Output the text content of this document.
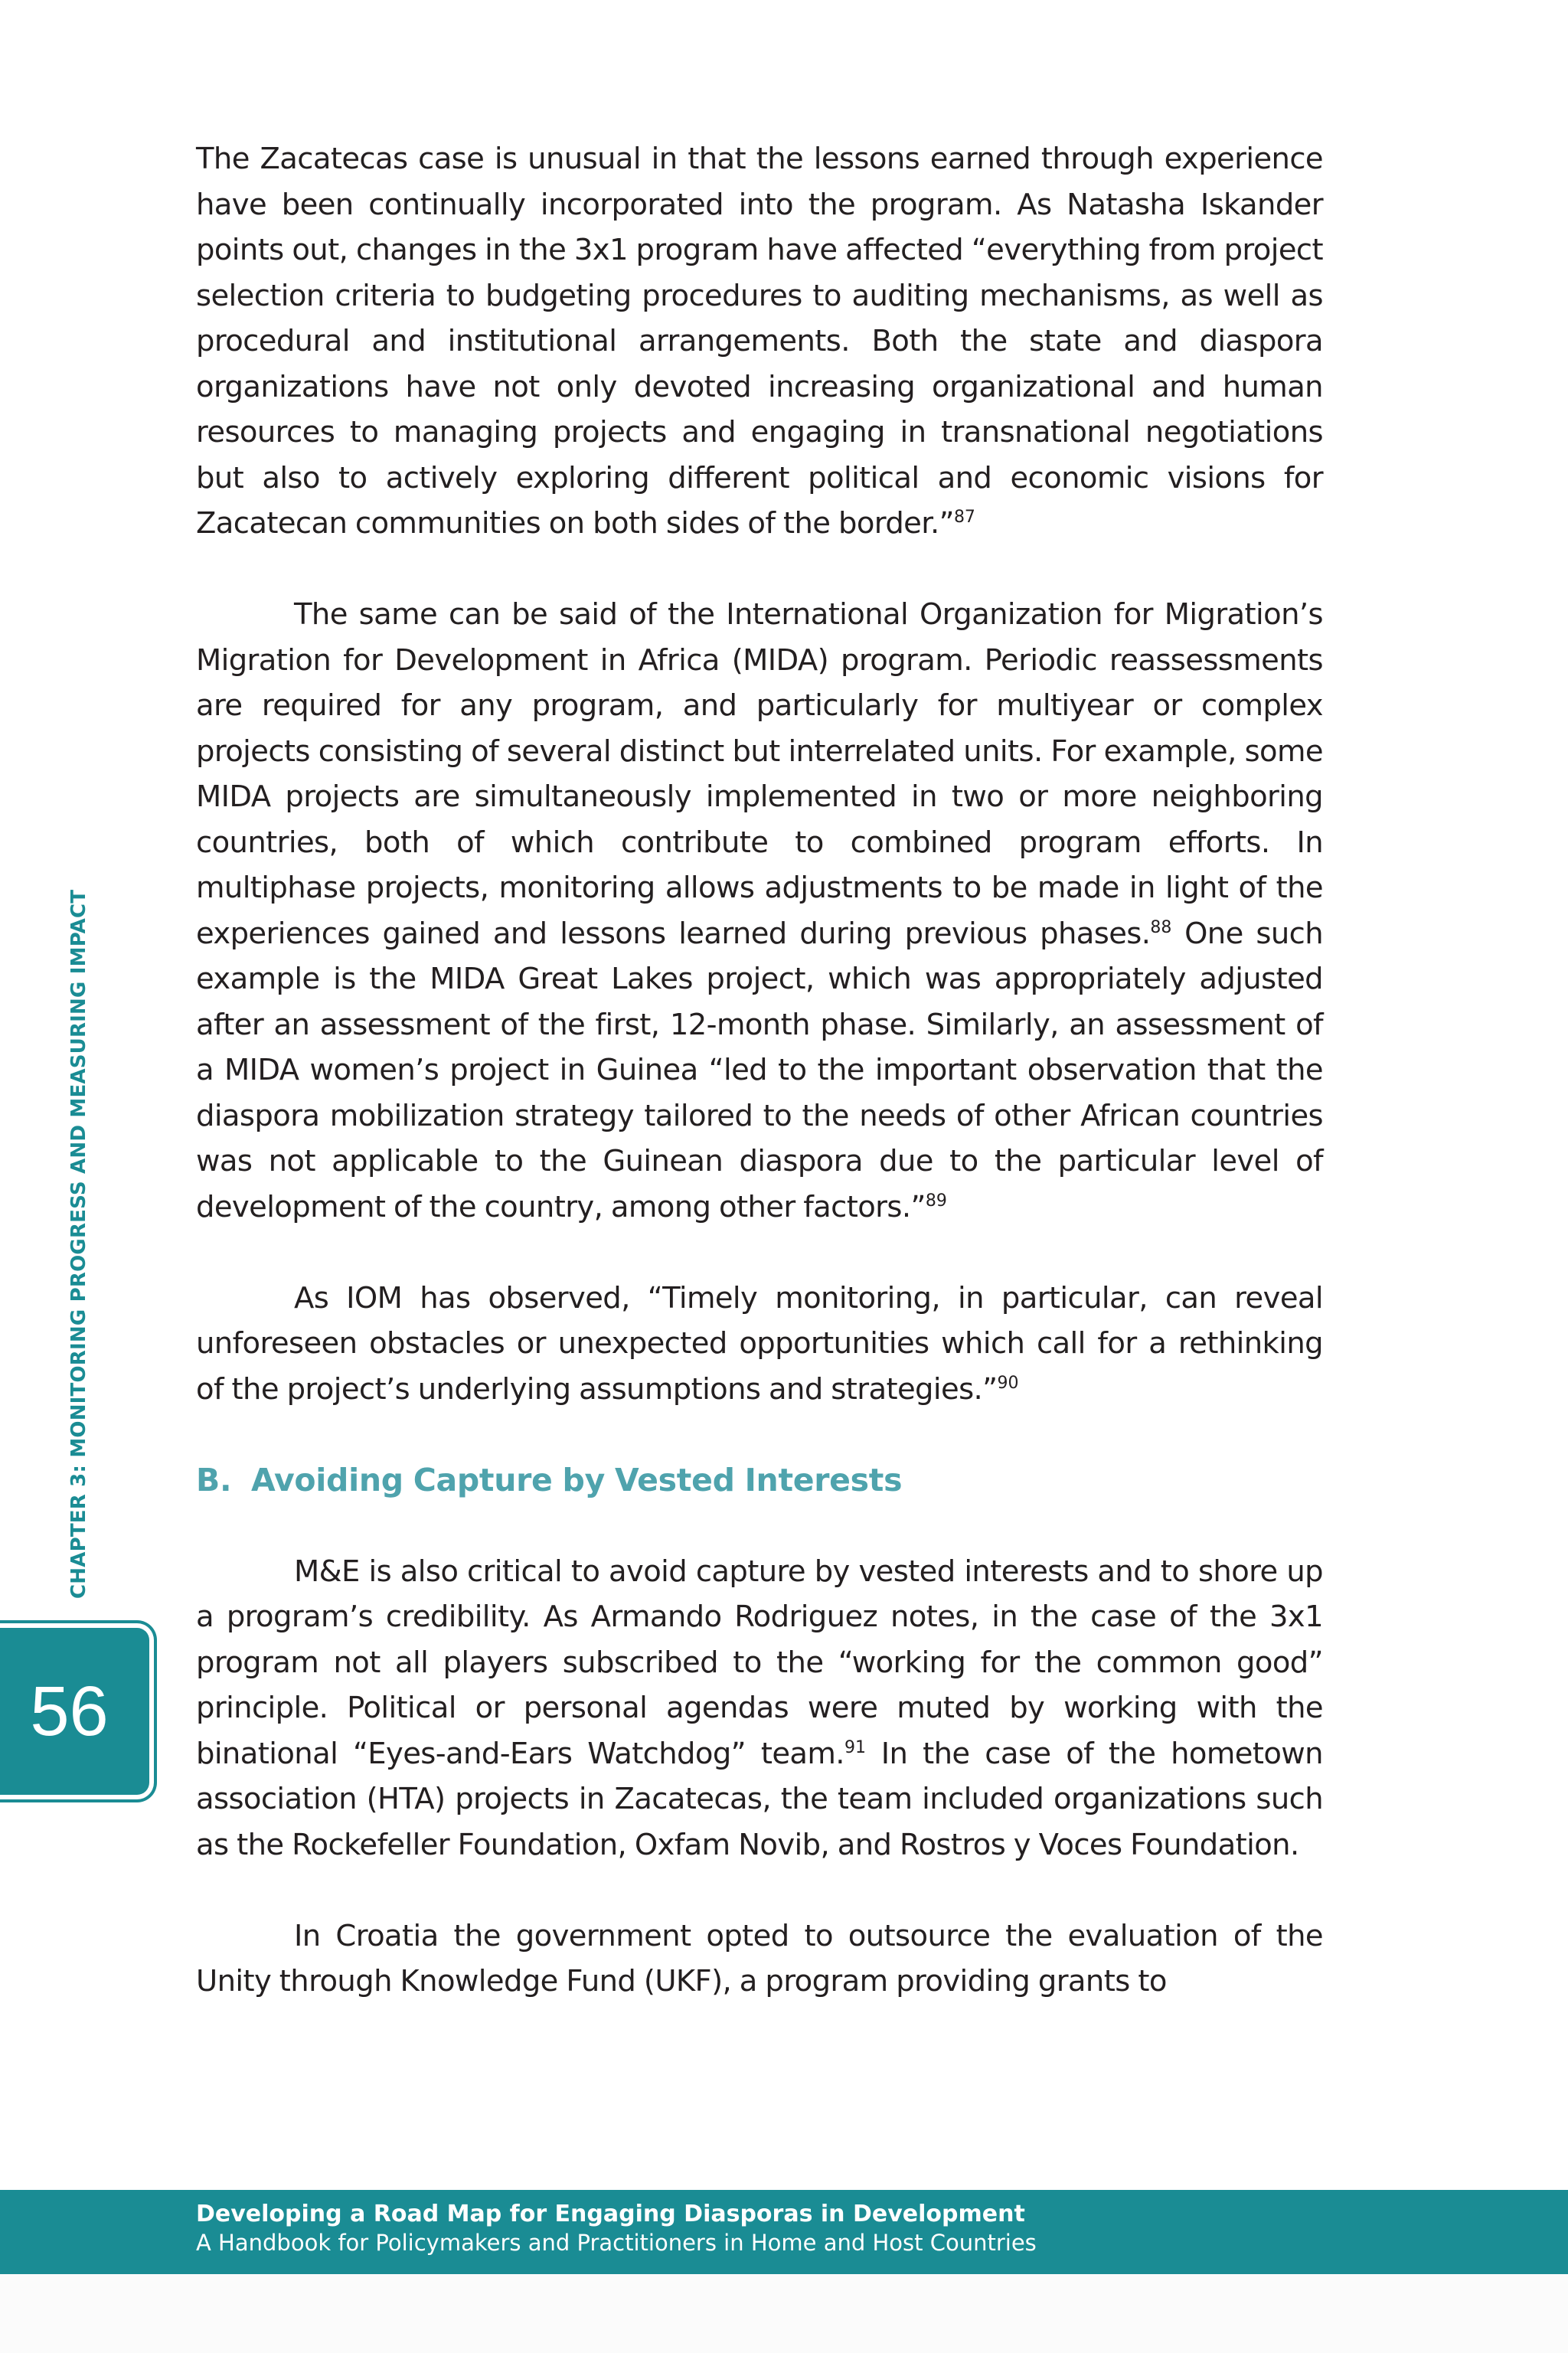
The Zacatecas case is unusual in that the lessons earned through experience have been continually incorporated into the program. As Natasha Iskander points out, changes in the 3x1 program have affected “everything from project selection criteria to budgeting procedures to auditing mechanisms, as well as procedural and institutional arrangements. Both the state and diaspora organizations have not only devoted increasing organizational and human resources to managing projects and engaging in transnational negotiations but also to actively exploring different political and economic visions for Zacatecan communities on both sides of the border.”$^{87}$

The same can be said of the International Organization for Migration’s Migration for Development in Africa (MIDA) program. Periodic reassessments are required for any program, and particularly for multiyear or complex projects consisting of several distinct but interrelated units. For example, some MIDA projects are simultaneously implemented in two or more neighboring countries, both of which contribute to combined program efforts. In multiphase projects, monitoring allows adjustments to be made in light of the experiences gained and lessons learned during previous phases.$^{88}$ One such example is the MIDA Great Lakes project, which was appropriately adjusted after an assessment of the first, 12-month phase. Similarly, an assessment of a MIDA women’s project in Guinea “led to the important observation that the diaspora mobilization strategy tailored to the needs of other African countries was not applicable to the Guinean diaspora due to the particular level of development of the country, among other factors.”$^{89}$

As IOM has observed, “Timely monitoring, in particular, can reveal unforeseen obstacles or unexpected opportunities which call for a rethinking of the project’s underlying assumptions and strategies.”$^{90}$

B. Avoiding Capture by Vested Interests

M&E is also critical to avoid capture by vested interests and to shore up a program’s credibility. As Armando Rodriguez notes, in the case of the 3x1 program not all players subscribed to the “working for the common good” principle. Political or personal agendas were muted by working with the binational “Eyes-and-Ears Watchdog” team.$^{91}$ In the case of the hometown association (HTA) projects in Zacatecas, the team included organizations such as the Rockefeller Foundation, Oxfam Novib, and Rostros y Voces Foundation.

In Croatia the government opted to outsource the evaluation of the Unity through Knowledge Fund (UKF), a program providing grants to

CHAPTER 3: MONITORING PROGRESS AND MEASURING IMPACT
56
Developing a Road Map for Engaging Diasporas in Development
A Handbook for Policymakers and Practitioners in Home and Host Countries
